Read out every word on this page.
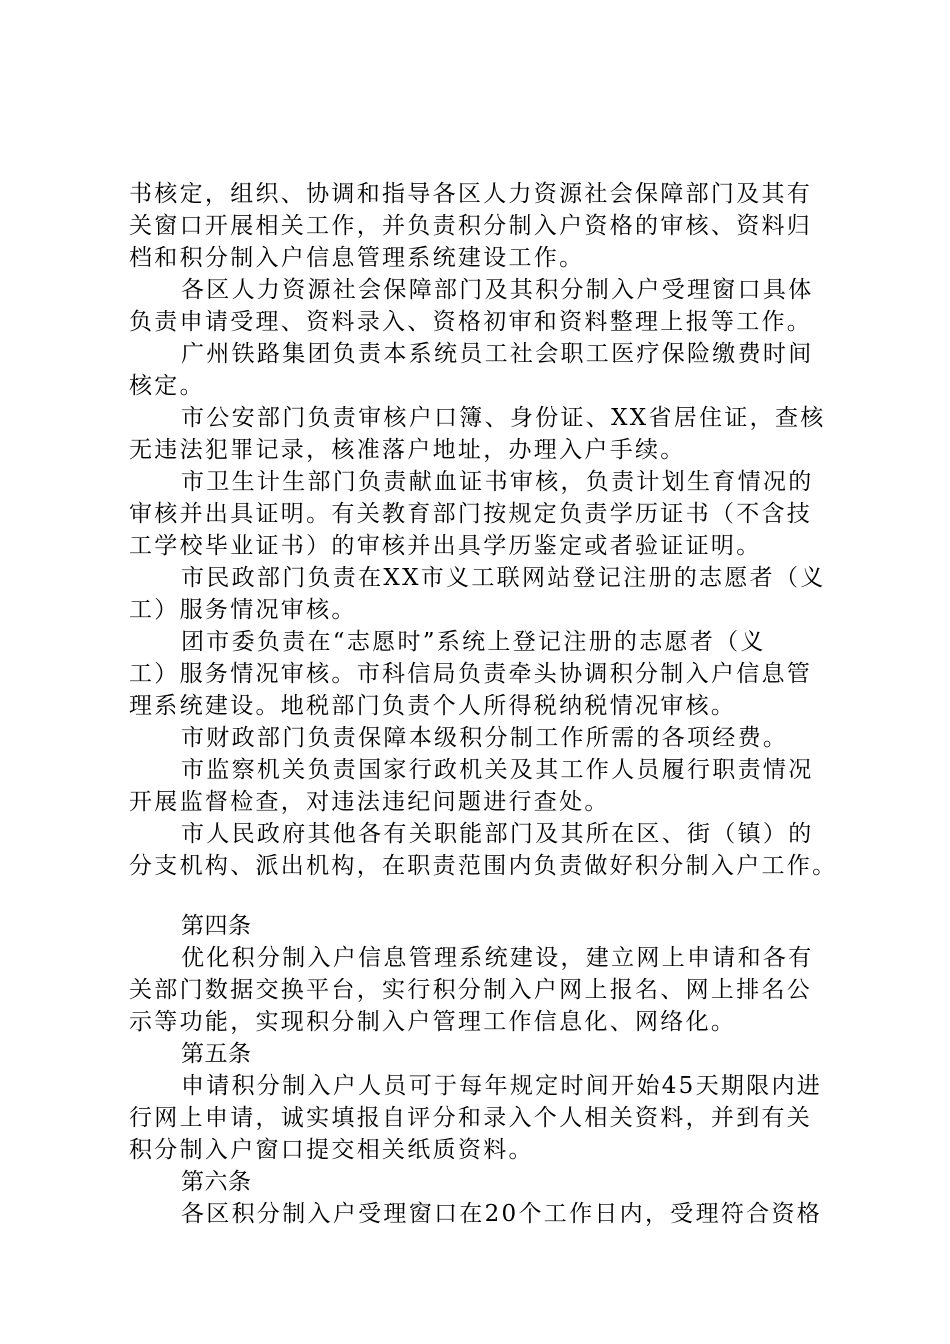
书核定，组织、协调和指导各区人力资源社会保障部门及其有
关窗口开展相关工作，并负责积分制入户资格的审核、资料归
档和积分制入户信息管理系统建设工作。
各区人力资源社会保障部门及其积分制入户受理窗口具体
负责申请受理、资料录入、资格初审和资料整理上报等工作。
广州铁路集团负责本系统员工社会职工医疗保险缴费时间
核定。
市公安部门负责审核户口簿、身份证、XX省居住证，查核
无违法犯罪记录，核准落户地址，办理入户手续。
市卫生计生部门负责献血证书审核，负责计划生育情况的
审核并出具证明。有关教育部门按规定负责学历证书（不含技
工学校毕业证书）的审核并出具学历鉴定或者验证证明。
市民政部门负责在XX市义工联网站登记注册的志愿者（义
工）服务情况审核。
团市委负责在“志愿时”系统上登记注册的志愿者（义
工）服务情况审核。市科信局负责牵头协调积分制入户信息管
理系统建设。地税部门负责个人所得税纳税情况审核。
市财政部门负责保障本级积分制工作所需的各项经费。
市监察机关负责国家行政机关及其工作人员履行职责情况
开展监督检查，对违法违纪问题进行查处。
市人民政府其他各有关职能部门及其所在区、街（镇）的
分支机构、派出机构，在职责范围内负责做好积分制入户工作。
第四条
优化积分制入户信息管理系统建设，建立网上申请和各有
关部门数据交换平台，实行积分制入户网上报名、网上排名公
示等功能，实现积分制入户管理工作信息化、网络化。
第五条
申请积分制入户人员可于每年规定时间开始45天期限内进
行网上申请，诚实填报自评分和录入个人相关资料，并到有关
积分制入户窗口提交相关纸质资料。
第六条
各区积分制入户受理窗口在20个工作日内，受理符合资格
